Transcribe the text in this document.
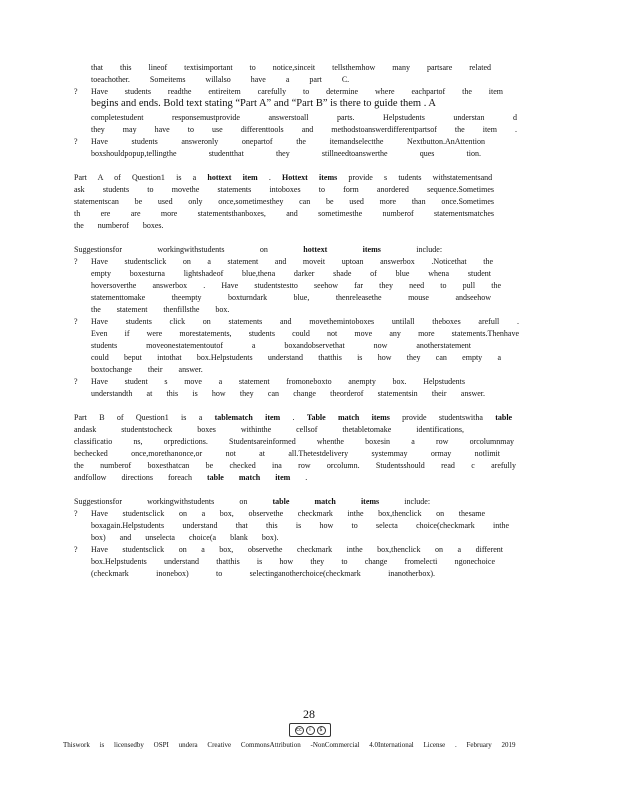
that this lineof textisimportant to notice,sinceit tellsthemhow many partsare related
toeachother. Someitems willalso have a part C.
? Have students readthe entireitem carefully to determine where eachpartof the item
begins and ends. Bold text stating “Part A” and “Part B” is there to guide them . A
completestudent responsemustprovide answerstoall parts. Helpstudents understan d
they may have to use differenttools and methodstoanswerdifferentpartsof the item .
? Have students answeronly onepartof the itemandselectthe Nextbutton.AnAttention
boxshouldpopup,tellingthe studentthat they stillneedtoanswerthe ques tion.
Part A of Question1 is a hottext item . Hottext items provide s tudents withstatementsand
ask students to movethe statements intoboxes to form anordered sequence.Sometimes
statementscan be used only once,sometimesthey can be used more than once.Sometimes
th ere are more statementsthanboxes, and sometimesthe numberof statementsmatches
the numberof boxes.
Suggestionsfor	workingwithstudents	on	hottext	items	include:
? Have studentsclick on a statement and moveit uptoan answerbox .Noticethat the
empty boxesturna lightshadeof blue,thena darker shade of blue whena student
hoversoverthe answerbox . Have studentstestto seehow far they need to pull the
statementtomake theempty boxturndark blue, thenreleasethe mouse andseehow
the statement thenfillsthe box.
? Have students click on statements and movethemintoboxes untilall theboxes arefull .
Even if were morestatements, students could not move any more statements.Thenhave
students moveonestatementoutof a boxandobservethat now anotherstatement
could beput intothat box.Helpstudents understand thatthis is how they can empty a
boxtochange their answer.
? Have student s move a statement fromoneboxto anempty box. Helpstudents
understandth at this is how they can change theorderof statementsin their answer.
Part B of Question1 is a tablematch item . Table match items provide studentswitha table
andask studentstocheck boxes withinthe cellsof thetabletomake identifications,
classificatio ns, orpredictions. Studentsareinformed whenthe boxesin a row orcolumnmay
bechecked once,morethanonce,or not at all.Thetestdelivery systemmay ormay notlimit
the numberof boxesthatcan be checked ina row orcolumn. Studentsshould read c arefully
andfollow directions foreach table match item .
Suggestionsfor	workingwithstudents	on	table	match	items	include:
? Have studentsclick on a box, observethe checkmark inthe box,thenclick on thesame
boxagain.Helpstudents understand that this is how to selecta choice(checkmark inthe
box) and unselecta choice(a blank box).
? Have studentsclick on a box, observethe checkmark inthe box,thenclick on a different
box.Helpstudents understand thatthis is how they to change fromelecti ngonechoice
(checkmark inonebox) to selectinganotherchoice(checkmark inanotherbox).
28
cc	i	$
Thiswork is licensedby OSPI undera Creative CommonsAttribution -NonCommercial 4.0International License . February 2019
